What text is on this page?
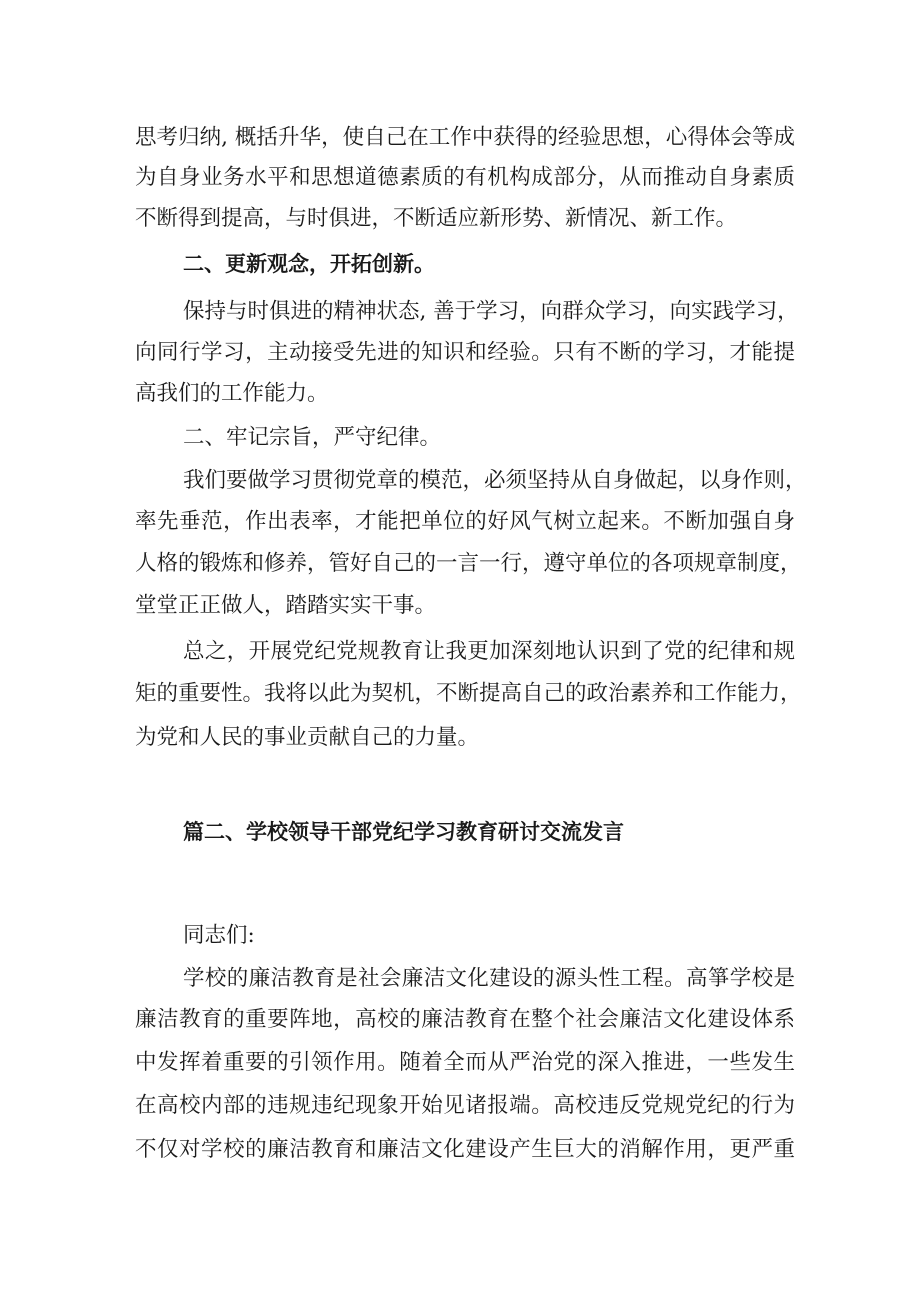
思考归纳, 概括升华，使自己在工作中获得的经验思想，心得体会等成
为自身业务水平和思想道德素质的有机构成部分，从而推动自身素质
不断得到提高，与时俱进，不断适应新形势、新情况、新工作。
二、更新观念，开拓创新。
保持与时俱进的精神状态, 善于学习，向群众学习，向实践学习，
向同行学习，主动接受先进的知识和经验。只有不断的学习，才能提
高我们的工作能力。
二、牢记宗旨，严守纪律。
我们要做学习贯彻党章的模范，必须坚持从自身做起，以身作则，
率先垂范，作出表率，才能把单位的好风气树立起来。不断加强自身
人格的锻炼和修养，管好自己的一言一行，遵守单位的各项规章制度，
堂堂正正做人，踏踏实实干事。
总之，开展党纪党规教育让我更加深刻地认识到了党的纪律和规
矩的重要性。我将以此为契机，不断提高自己的政治素养和工作能力，
为党和人民的事业贡献自己的力量。
篇二、学校领导干部党纪学习教育研讨交流发言
同志们:
学校的廉洁教育是社会廉洁文化建设的源头性工程。高箏学校是
廉洁教育的重要阵地，高校的廉洁教育在整个社会廉洁文化建设体系
中发挥着重要的引领作用。随着全而从严治党的深入推进，一些发生
在高校内部的违规违纪现象开始见诸报端。高校违反党规党纪的行为
不仅对学校的廉洁教育和廉洁文化建设产生巨大的消解作用，更严重
